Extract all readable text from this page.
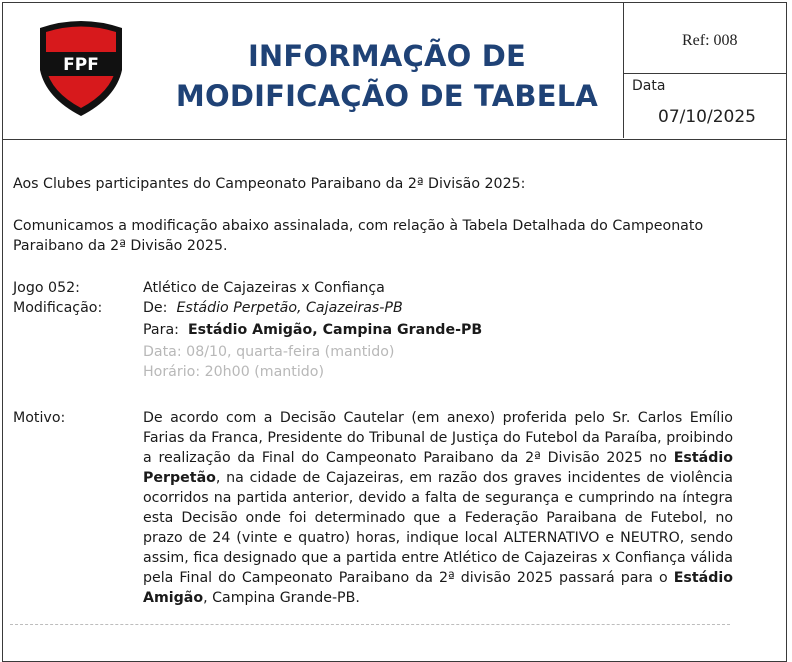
FPF	INFORMAÇÃO DE
MODIFICAÇÃO DE TABELA
Ref: 008
Data
07/10/2025
Aos Clubes participantes do Campeonato Paraibano da 2ª Divisão 2025:
Comunicamos a modificação abaixo assinalada, com relação à Tabela Detalhada do Campeonato
Paraibano da 2ª Divisão 2025.
Jogo 052:	Atlético de Cajazeiras x Confiança
Modificação:	De: Estádio Perpetão, Cajazeiras-PB
Para: Estádio Amigão, Campina Grande-PB
Data: 08/10, quarta-feira (mantido)
Horário: 20h00 (mantido)
Motivo:	De acordo com a Decisão Cautelar (em anexo) proferida pelo Sr. Carlos Emílio Farias da Franca, Presidente do Tribunal de Justiça do Futebol da Paraíba, proibindo a realização da Final do Campeonato Paraibano da 2ª Divisão 2025 no Estádio Perpetão, na cidade de Cajazeiras, em razão dos graves incidentes de violência ocorridos na partida anterior, devido a falta de segurança e cumprindo na íntegra esta Decisão onde foi determinado que a Federação Paraibana de Futebol, no prazo de 24 (vinte e quatro) horas, indique local ALTERNATIVO e NEUTRO, sendo assim, fica designado que a partida entre Atlético de Cajazeiras x Confiança válida pela Final do Campeonato Paraibano da 2ª divisão 2025 passará para o Estádio Amigão, Campina Grande-PB.
